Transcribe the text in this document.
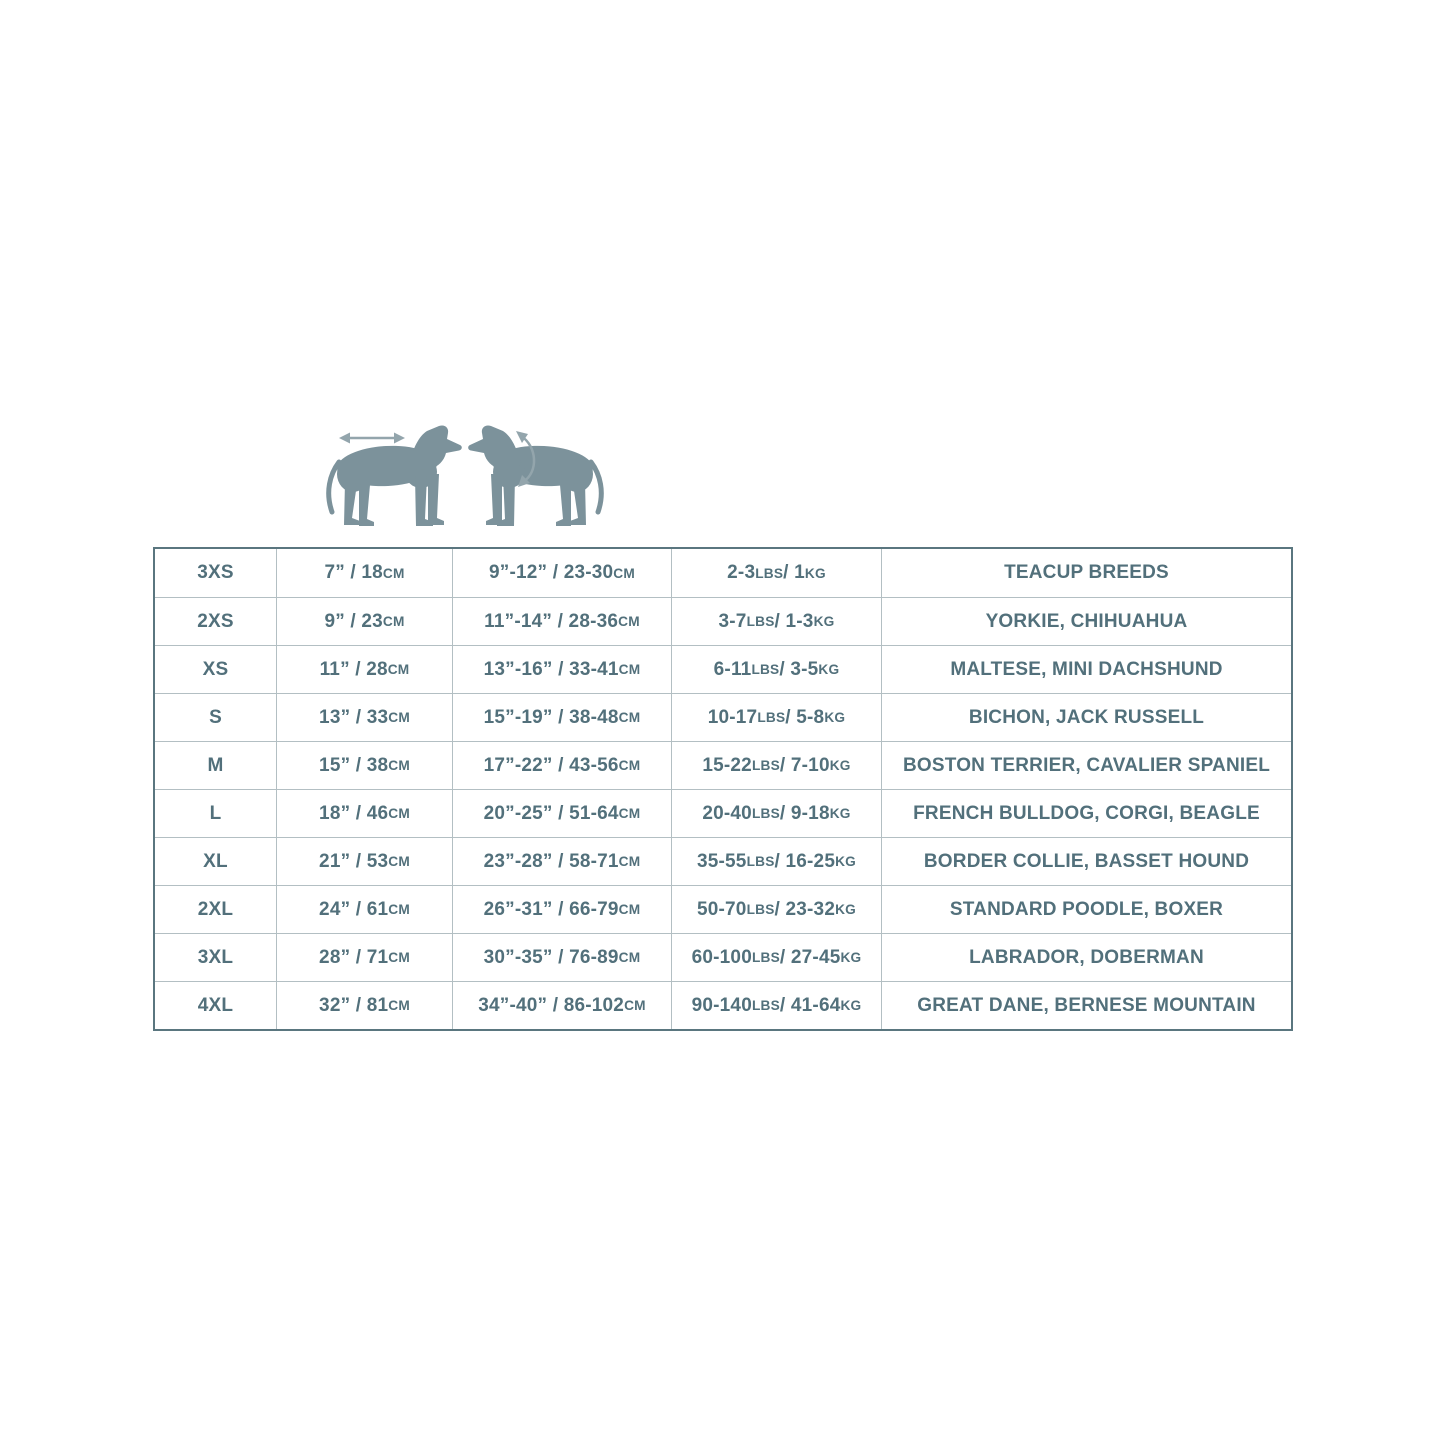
3XS	7” / 18 CM	9”-12” / 23-30 CM	2-3 LBS / 1 KG	TEACUP BREEDS
2XS	9” / 23 CM	11”-14” / 28-36 CM	3-7 LBS / 1-3 KG	YORKIE, CHIHUAHUA
XS	11” / 28 CM	13”-16” / 33-41 CM	6-11 LBS / 3-5 KG	MALTESE, MINI DACHSHUND
S	13” / 33 CM	15”-19” / 38-48 CM	10-17 LBS / 5-8 KG	BICHON, JACK RUSSELL
M	15” / 38 CM	17”-22” / 43-56 CM	15-22 LBS / 7-10 KG	BOSTON TERRIER, CAVALIER SPANIEL
L	18” / 46 CM	20”-25” / 51-64 CM	20-40 LBS / 9-18 KG	FRENCH BULLDOG, CORGI, BEAGLE
XL	21” / 53 CM	23”-28” / 58-71 CM	35-55 LBS / 16-25 KG	BORDER COLLIE, BASSET HOUND
2XL	24” / 61 CM	26”-31” / 66-79 CM	50-70 LBS / 23-32 KG	STANDARD POODLE, BOXER
3XL	28” / 71 CM	30”-35” / 76-89 CM	60-100 LBS / 27-45 KG	LABRADOR, DOBERMAN
4XL	32” / 81 CM	34”-40” / 86-102 CM	90-140 LBS / 41-64 KG	GREAT DANE, BERNESE MOUNTAIN
